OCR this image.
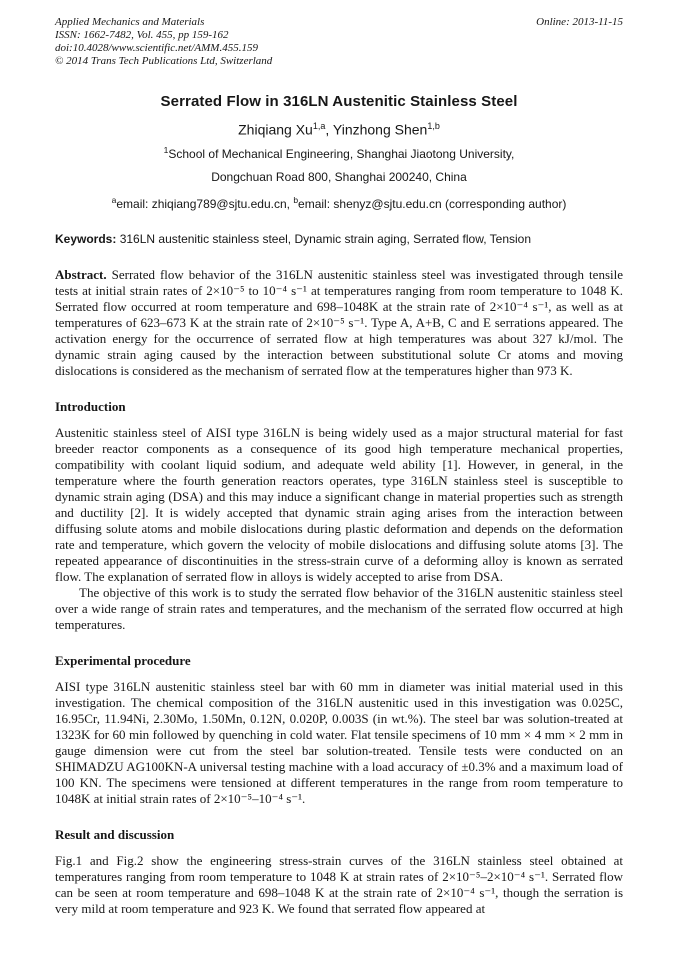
Applied Mechanics and Materials
ISSN: 1662-7482, Vol. 455, pp 159-162
doi:10.4028/www.scientific.net/AMM.455.159
© 2014 Trans Tech Publications Ltd, Switzerland
Online: 2013-11-15
Serrated Flow in 316LN Austenitic Stainless Steel
Zhiqiang Xu$^{1,a}$, Yinzhong Shen$^{1,b}$
$^1$School of Mechanical Engineering, Shanghai Jiaotong University,
Dongchuan Road 800, Shanghai 200240, China
$^a$email: zhiqiang789@sjtu.edu.cn, $^b$email: shenyz@sjtu.edu.cn (corresponding author)
Keywords: 316LN austenitic stainless steel, Dynamic strain aging, Serrated flow, Tension

Abstract. Serrated flow behavior of the 316LN austenitic stainless steel was investigated through tensile tests at initial strain rates of 2×10⁻⁵ to 10⁻⁴ s⁻¹ at temperatures ranging from room temperature to 1048 K. Serrated flow occurred at room temperature and 698–1048K at the strain rate of 2×10⁻⁴ s⁻¹, as well as at temperatures of 623–673 K at the strain rate of 2×10⁻⁵ s⁻¹. Type A, A+B, C and E serrations appeared. The activation energy for the occurrence of serrated flow at high temperatures was about 327 kJ/mol. The dynamic strain aging caused by the interaction between substitutional solute Cr atoms and moving dislocations is considered as the mechanism of serrated flow at the temperatures higher than 973 K.

Introduction

Austenitic stainless steel of AISI type 316LN is being widely used as a major structural material for fast breeder reactor components as a consequence of its good high temperature mechanical properties, compatibility with coolant liquid sodium, and adequate weld ability [1]. However, in general, in the temperature where the fourth generation reactors operates, type 316LN stainless steel is susceptible to dynamic strain aging (DSA) and this may induce a significant change in material properties such as strength and ductility [2]. It is widely accepted that dynamic strain aging arises from the interaction between diffusing solute atoms and mobile dislocations during plastic deformation and depends on the deformation rate and temperature, which govern the velocity of mobile dislocations and diffusing solute atoms [3]. The repeated appearance of discontinuities in the stress-strain curve of a deforming alloy is known as serrated flow. The explanation of serrated flow in alloys is widely accepted to arise from DSA.

The objective of this work is to study the serrated flow behavior of the 316LN austenitic stainless steel over a wide range of strain rates and temperatures, and the mechanism of the serrated flow occurred at high temperatures.

Experimental procedure

AISI type 316LN austenitic stainless steel bar with 60 mm in diameter was initial material used in this investigation. The chemical composition of the 316LN austenitic used in this investigation was 0.025C, 16.95Cr, 11.94Ni, 2.30Mo, 1.50Mn, 0.12N, 0.020P, 0.003S (in wt.%). The steel bar was solution-treated at 1323K for 60 min followed by quenching in cold water. Flat tensile specimens of 10 mm × 4 mm × 2 mm in gauge dimension were cut from the steel bar solution-treated. Tensile tests were conducted on an SHIMADZU AG100KN-A universal testing machine with a load accuracy of ±0.3% and a maximum load of 100 KN. The specimens were tensioned at different temperatures in the range from room temperature to 1048K at initial strain rates of 2×10⁻⁵–10⁻⁴ s⁻¹.

Result and discussion

Fig.1 and Fig.2 show the engineering stress-strain curves of the 316LN stainless steel obtained at temperatures ranging from room temperature to 1048 K at strain rates of 2×10⁻⁵–2×10⁻⁴ s⁻¹. Serrated flow can be seen at room temperature and 698–1048 K at the strain rate of 2×10⁻⁴ s⁻¹, though the serration is very mild at room temperature and 923 K. We found that serrated flow appeared at
